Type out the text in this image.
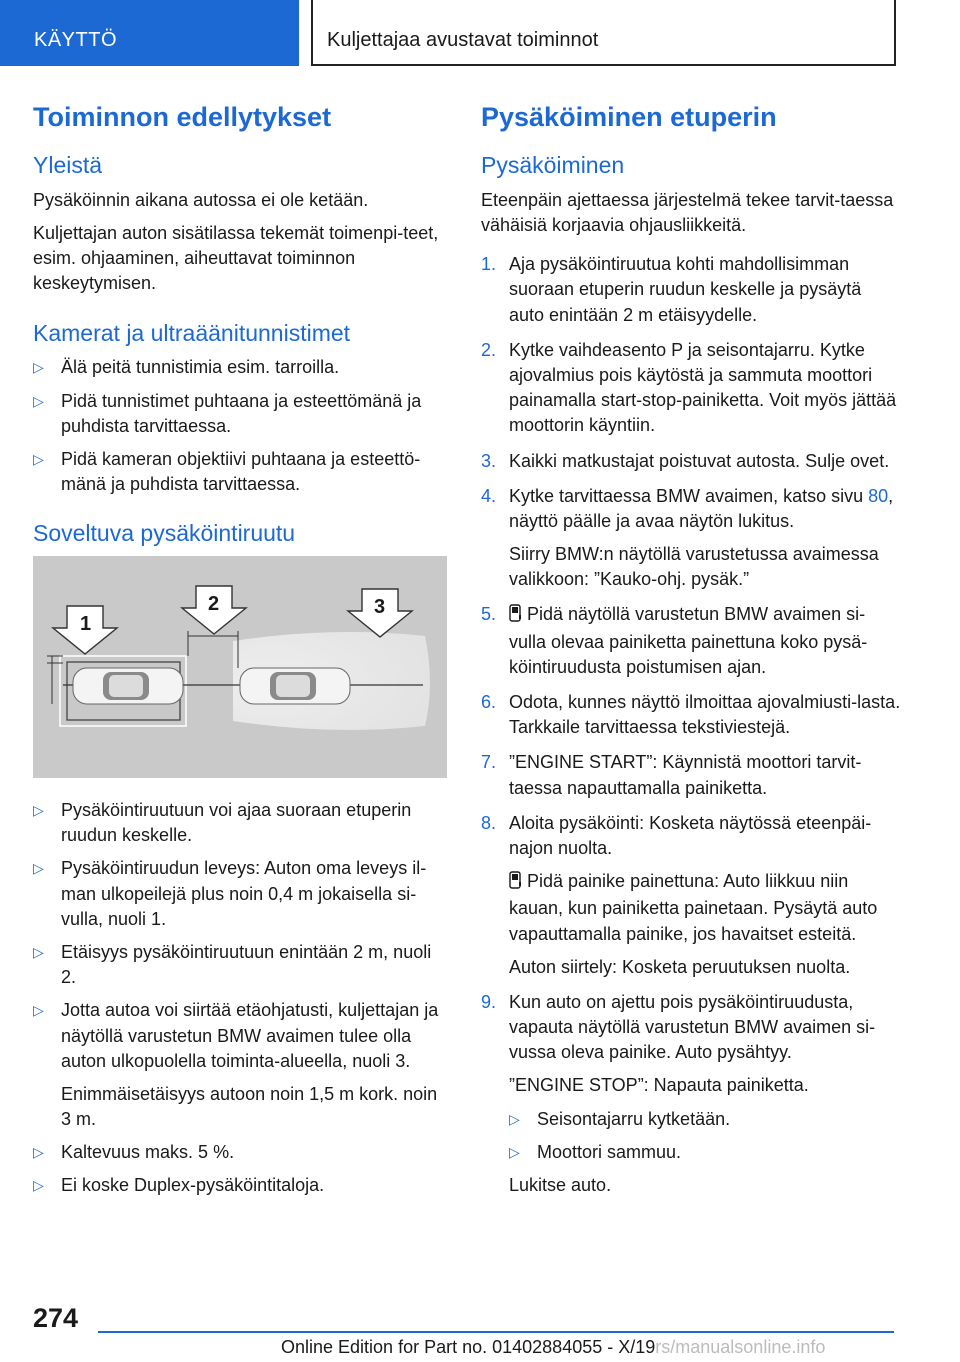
KÄYTTÖ	Kuljettajaa avustavat toiminnot
Toiminnon edellytykset
Yleistä

Pysäköinnin aikana autossa ei ole ketään.

Kuljettajan auton sisätilassa tekemät toimenpi-teet, esim. ohjaaminen, aiheuttavat toiminnon keskeytymisen.

Kamerat ja ultraäänitunnistimet
▷ Älä peitä tunnistimia esim. tarroilla.
▷ Pidä tunnistimet puhtaana ja esteettömänä ja puhdista tarvittaessa.
▷ Pidä kameran objektiivi puhtaana ja esteettö-mänä ja puhdista tarvittaessa.
Soveltuva pysäköintiruutu
1
2	3
▷ Pysäköintiruutuun voi ajaa suoraan etuperin ruudun keskelle.
▷ Pysäköintiruudun leveys: Auton oma leveys il-man ulkopeilejä plus noin 0,4 m jokaisella si-vulla, nuoli 1.
▷ Etäisyys pysäköintiruutuun enintään 2 m, nuoli 2.
▷ Jotta autoa voi siirtää etäohjatusti, kuljettajan ja näytöllä varustetun BMW avaimen tulee olla auton ulkopuolella toiminta-alueella, nuoli 3.

Enimmäisetäisyys autoon noin 1,5 m kork. noin 3 m.

▷ Kaltevuus maks. 5 %.
▷ Ei koske Duplex-pysäköintitaloja.
Pysäköiminen etuperin
Pysäköiminen

Eteenpäin ajettaessa järjestelmä tekee tarvit-taessa vähäisiä korjaavia ohjausliikkeitä.

1. Aja pysäköintiruutua kohti mahdollisimman suoraan etuperin ruudun keskelle ja pysäytä auto enintään 2 m etäisyydelle.
2. Kytke vaihdeasento P ja seisontajarru. Kytke ajovalmius pois käytöstä ja sammuta moottori painamalla start-stop-painiketta. Voit myös jättää moottorin käyntiin.
3. Kaikki matkustajat poistuvat autosta. Sulje ovet.
4. Kytke tarvittaessa BMW avaimen, katso sivu 80, näyttö päälle ja avaa näytön lukitus.

Siirry BMW:n näytöllä varustetussa avaimessa valikkoon: ”Kauko-ohj. pysäk.”

5. Pidä näytöllä varustetun BMW avaimen si-vulla olevaa painiketta painettuna koko pysä-köintiruudusta poistumisen ajan.
6. Odota, kunnes näyttö ilmoittaa ajovalmiusti-lasta. Tarkkaile tarvittaessa tekstiviestejä.
7. ”ENGINE START”: Käynnistä moottori tarvit-taessa napauttamalla painiketta.
8. Aloita pysäköinti: Kosketa näytössä eteenpäi-najon nuolta.

Pidä painike painettuna: Auto liikkuu niin kauan, kun painiketta painetaan. Pysäytä auto vapauttamalla painike, jos havaitset esteitä.

Auton siirtely: Kosketa peruutuksen nuolta.

9. Kun auto on ajettu pois pysäköintiruudusta, vapauta näytöllä varustetun BMW avaimen si-vussa oleva painike. Auto pysähtyy.

”ENGINE STOP”: Napauta painiketta.

▷ Seisontajarru kytketään.
▷ Moottori sammuu.

Lukitse auto.

274
Online Edition for Part no. 01402884055 - X/19rs/manualsonline.info
